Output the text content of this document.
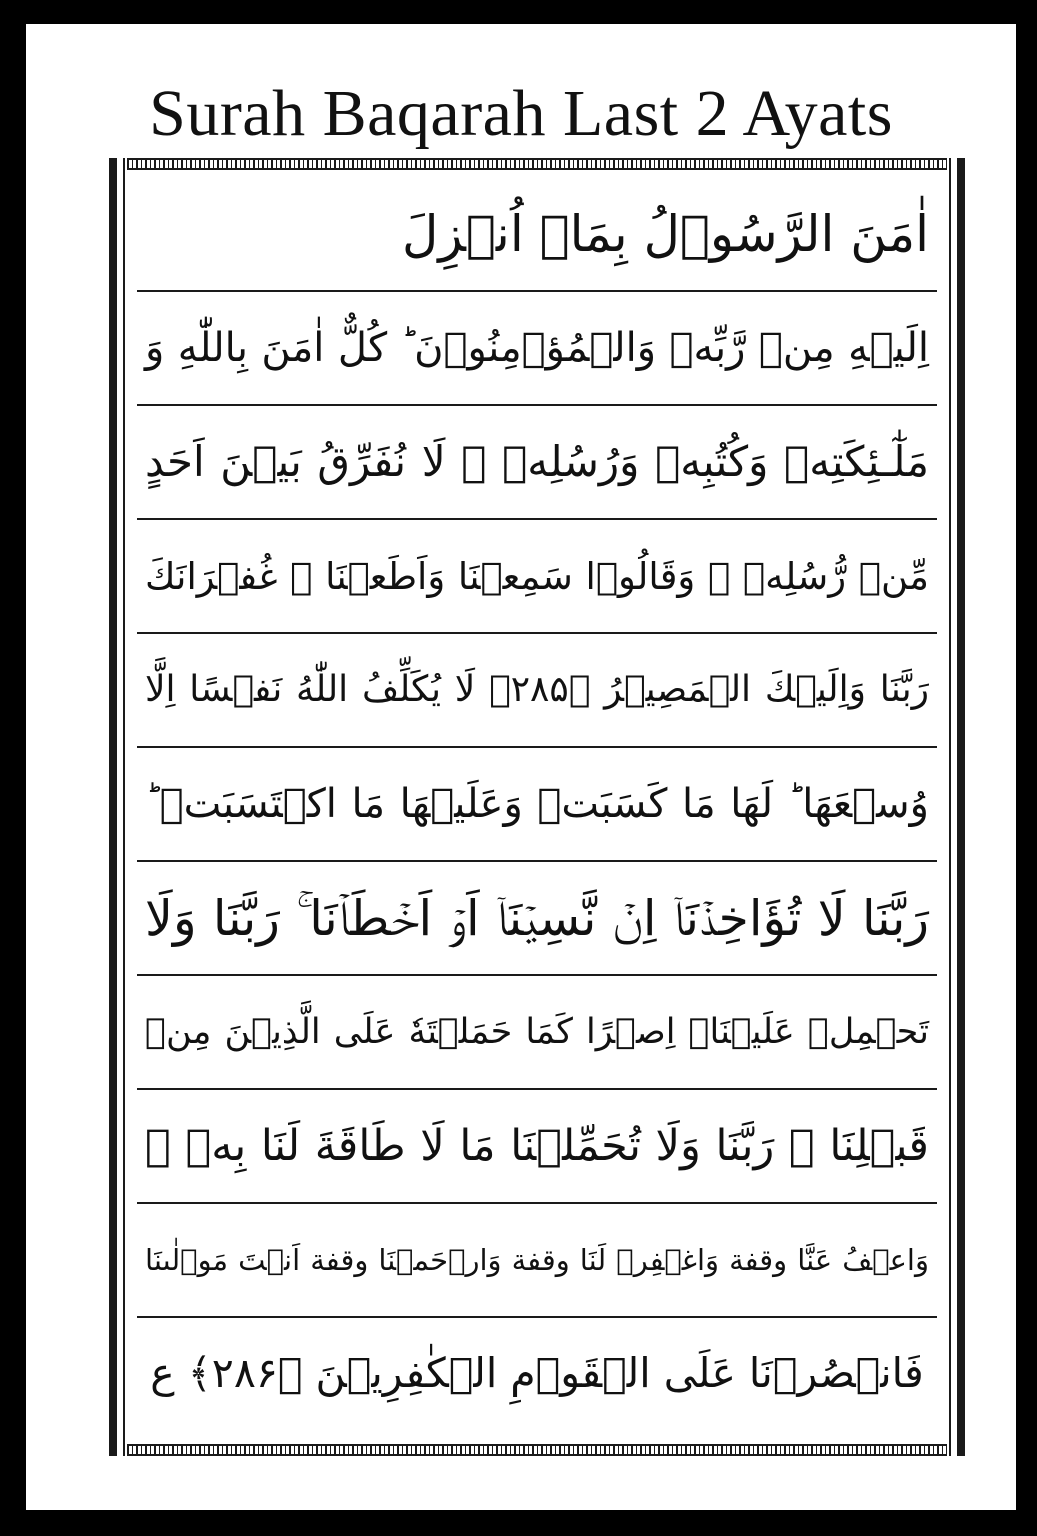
Surah Baqarah Last 2 Ayats
اٰمَنَ الرَّسُوۡلُ بِمَاۤ اُنۡزِلَ
اِلَيۡهِ مِنۡ رَّبِّهٖ وَالۡمُؤۡمِنُوۡنَ ؕ كُلٌّ اٰمَنَ بِاللّٰهِ وَ
مَلٰٓـئِكَتِهٖ وَكُتُبِهٖ وَرُسُلِهٖ ۚ لَا نُفَرِّقُ بَيۡنَ اَحَدٍ
مِّنۡ رُّسُلِهٖ ۚ وَقَالُوۡا سَمِعۡنَا وَاَطَعۡنَا ۖ غُفۡرَانَكَ
رَبَّنَا وَاِلَيۡكَ الۡمَصِيۡرُ ﴿۲۸۵﴾ لَا يُكَلِّفُ اللّٰهُ نَفۡسًا اِلَّا
وُسۡعَهَا ؕ لَهَا مَا كَسَبَتۡ وَعَلَيۡهَا مَا اكۡتَسَبَتۡ ؕ
رَبَّنَا لَا تُؤَاخِذۡنَاۤ اِنۡ نَّسِيۡنَاۤ اَوۡ اَخۡطَاۡنَا ۚ رَبَّنَا وَلَا
تَحۡمِلۡ عَلَيۡنَاۤ اِصۡرًا كَمَا حَمَلۡتَهٗ عَلَى الَّذِيۡنَ مِنۡ
قَبۡلِنَا ۚ رَبَّنَا وَلَا تُحَمِّلۡنَا مَا لَا طَاقَةَ لَنَا بِهٖ ۚ
وَاعۡفُ عَنَّا وقفة وَاغۡفِرۡ لَنَا وقفة وَارۡحَمۡنَا وقفة اَنۡتَ مَوۡلٰٮنَا
فَانۡصُرۡنَا عَلَى الۡقَوۡمِ الۡكٰفِرِيۡنَ ﴿۲۸۶﴾ ع
